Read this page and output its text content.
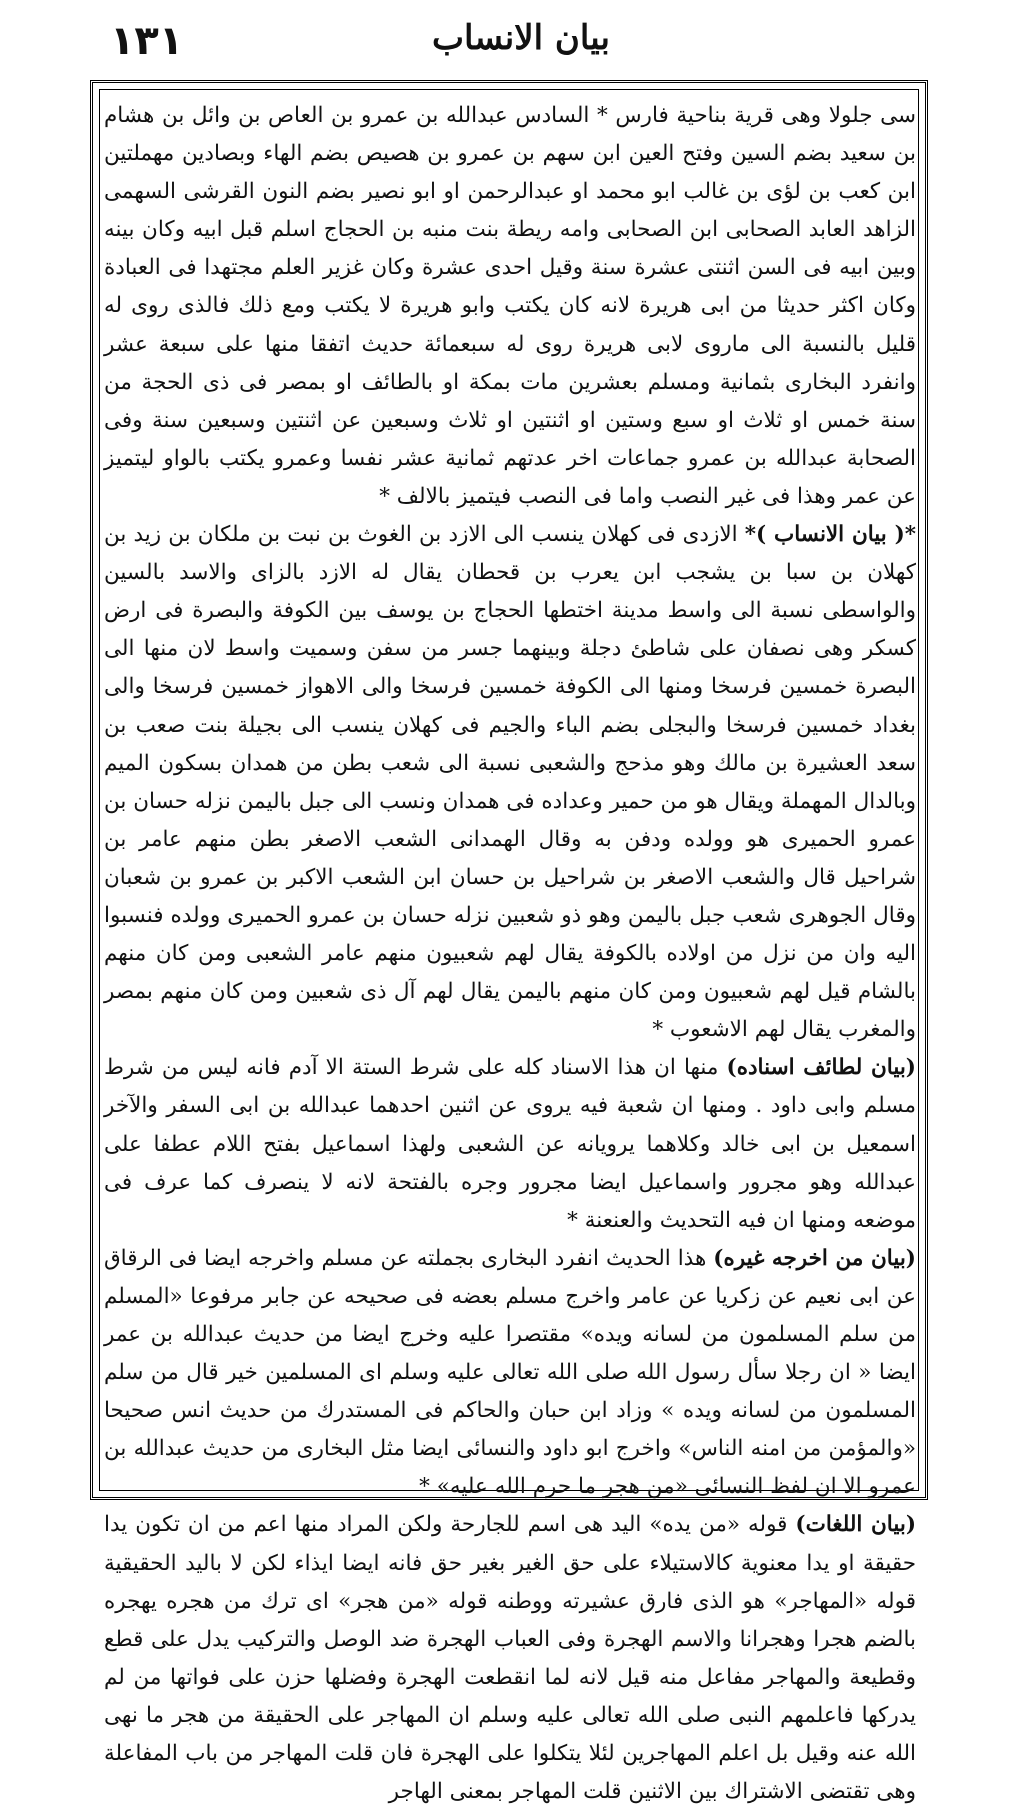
١٣١	بيان الانساب

سى جلولا وهى قرية بناحية فارس * السادس عبدالله بن عمرو بن العاص بن وائل بن هشام بن سعيد بضم السين وفتح العين ابن سهم بن عمرو بن هصيص بضم الهاء وبصادين مهملتين ابن كعب بن لؤى بن غالب ابو محمد او عبدالرحمن او ابو نصير بضم النون القرشى السهمى الزاهد العابد الصحابى ابن الصحابى وامه ريطة بنت منبه بن الحجاج اسلم قبل ابيه وكان بينه وبين ابيه فى السن اثنتى عشرة سنة وقيل احدى عشرة وكان غزير العلم مجتهدا فى العبادة وكان اكثر حديثا من ابى هريرة لانه كان يكتب وابو هريرة لا يكتب ومع ذلك فالذى روى له قليل بالنسبة الى ماروى لابى هريرة روى له سبعمائة حديث اتفقا منها على سبعة عشر وانفرد البخارى بثمانية ومسلم بعشرين مات بمكة او بالطائف او بمصر فى ذى الحجة من سنة خمس او ثلاث او سبع وستين او اثنتين او ثلاث وسبعين عن اثنتين وسبعين سنة وفى الصحابة عبدالله بن عمرو جماعات اخر عدتهم ثمانية عشر نفسا وعمرو يكتب بالواو ليتميز عن عمر وهذا فى غير النصب واما فى النصب فيتميز بالالف *

*( بيان الانساب )* الازدى فى كهلان ينسب الى الازد بن الغوث بن نبت بن ملكان بن زيد بن كهلان بن سبا بن يشجب ابن يعرب بن قحطان يقال له الازد بالزاى والاسد بالسين والواسطى نسبة الى واسط مدينة اختطها الحجاج بن يوسف بين الكوفة والبصرة فى ارض كسكر وهى نصفان على شاطئ دجلة وبينهما جسر من سفن وسميت واسط لان منها الى البصرة خمسين فرسخا ومنها الى الكوفة خمسين فرسخا والى الاهواز خمسين فرسخا والى بغداد خمسين فرسخا والبجلى بضم الباء والجيم فى كهلان ينسب الى بجيلة بنت صعب بن سعد العشيرة بن مالك وهو مذحج والشعبى نسبة الى شعب بطن من همدان بسكون الميم وبالدال المهملة ويقال هو من حمير وعداده فى همدان ونسب الى جبل باليمن نزله حسان بن عمرو الحميرى هو وولده ودفن به وقال الهمدانى الشعب الاصغر بطن منهم عامر بن شراحيل قال والشعب الاصغر بن شراحيل بن حسان ابن الشعب الاكبر بن عمرو بن شعبان وقال الجوهرى شعب جبل باليمن وهو ذو شعبين نزله حسان بن عمرو الحميرى وولده فنسبوا اليه وان من نزل من اولاده بالكوفة يقال لهم شعبيون منهم عامر الشعبى ومن كان منهم بالشام قيل لهم شعبيون ومن كان منهم باليمن يقال لهم آل ذى شعبين ومن كان منهم بمصر والمغرب يقال لهم الاشعوب *

(بيان لطائف اسناده) منها ان هذا الاسناد كله على شرط الستة الا آدم فانه ليس من شرط مسلم وابى داود . ومنها ان شعبة فيه يروى عن اثنين احدهما عبدالله بن ابى السفر والآخر اسمعيل بن ابى خالد وكلاهما يرويانه عن الشعبى ولهذا اسماعيل بفتح اللام عطفا على عبدالله وهو مجرور واسماعيل ايضا مجرور وجره بالفتحة لانه لا ينصرف كما عرف فى موضعه ومنها ان فيه التحديث والعنعنة *

(بيان من اخرجه غيره) هذا الحديث انفرد البخارى بجملته عن مسلم واخرجه ايضا فى الرقاق عن ابى نعيم عن زكريا عن عامر واخرج مسلم بعضه فى صحيحه عن جابر مرفوعا «المسلم من سلم المسلمون من لسانه ويده» مقتصرا عليه وخرج ايضا من حديث عبدالله بن عمر ايضا « ان رجلا سأل رسول الله صلى الله تعالى عليه وسلم اى المسلمين خير قال من سلم المسلمون من لسانه ويده » وزاد ابن حبان والحاكم فى المستدرك من حديث انس صحيحا «والمؤمن من امنه الناس» واخرج ابو داود والنسائى ايضا مثل البخارى من حديث عبدالله بن عمرو الا ان لفظ النسائى «من هجر ما حرم الله عليه» *

(بيان اللغات) قوله «من يده» اليد هى اسم للجارحة ولكن المراد منها اعم من ان تكون يدا حقيقة او يدا معنوية كالاستيلاء على حق الغير بغير حق فانه ايضا ايذاء لكن لا باليد الحقيقية قوله «المهاجر» هو الذى فارق عشيرته ووطنه قوله «من هجر» اى ترك من هجره يهجره بالضم هجرا وهجرانا والاسم الهجرة وفى العباب الهجرة ضد الوصل والتركيب يدل على قطع وقطيعة والمهاجر مفاعل منه قيل لانه لما انقطعت الهجرة وفضلها حزن على فواتها من لم يدركها فاعلمهم النبى صلى الله تعالى عليه وسلم ان المهاجر على الحقيقة من هجر ما نهى الله عنه وقيل بل اعلم المهاجرين لئلا يتكلوا على الهجرة فان قلت المهاجر من باب المفاعلة وهى تقتضى الاشتراك بين الاثنين قلت المهاجر بمعنى الهاجر
